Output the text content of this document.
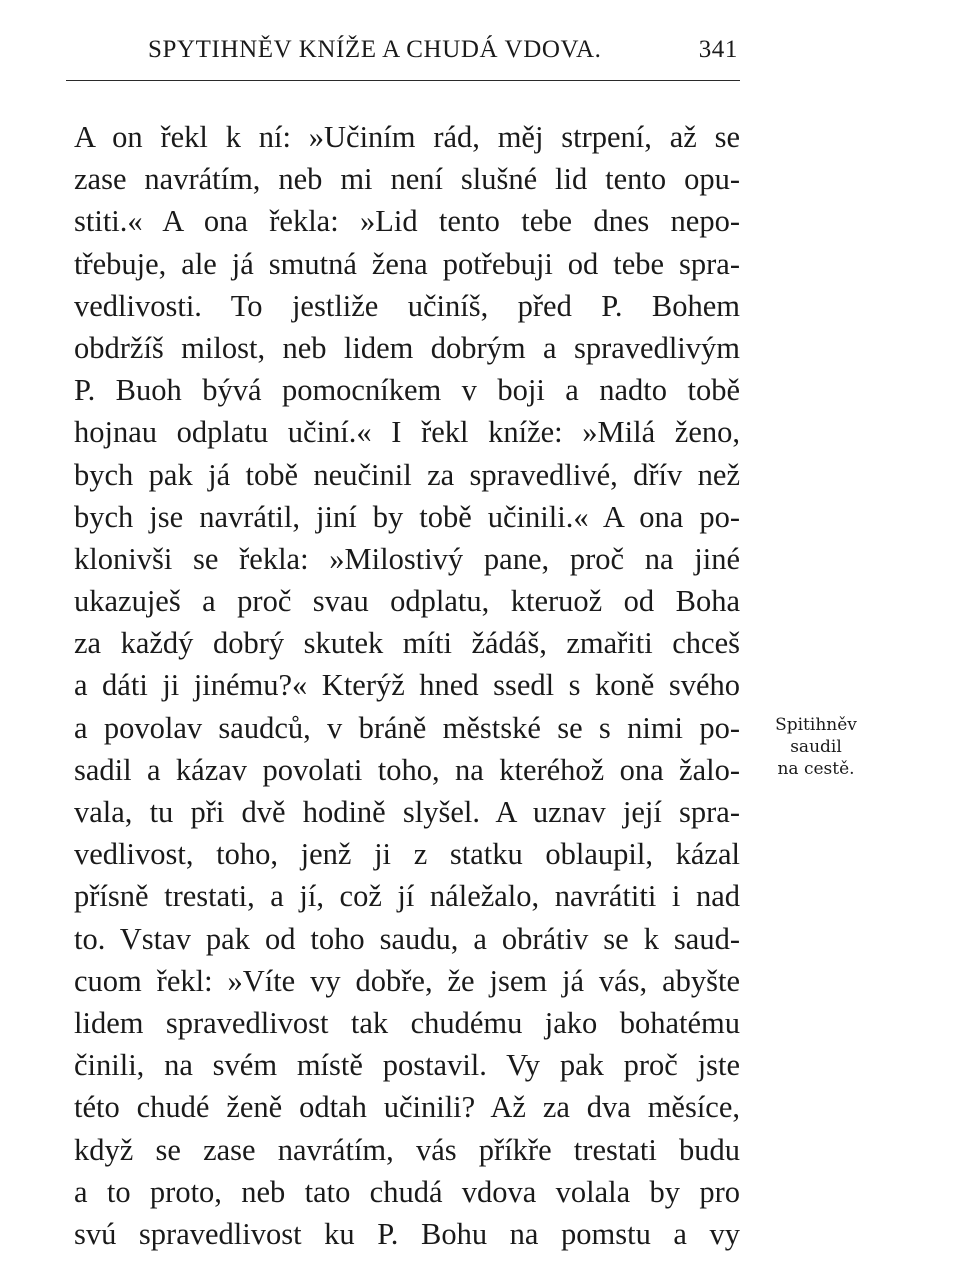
SPYTIHNĚV KNÍŽE A CHUDÁ VDOVA.	341
A on řekl k ní: »Učiním rád, měj strpení, až se
zase navrátím, neb mi není slušné lid tento opu-
stiti.« A ona řekla: »Lid tento tebe dnes nepo-
třebuje, ale já smutná žena potřebuji od tebe spra-
vedlivosti. To jestliže učiníš, před P. Bohem
obdržíš milost, neb lidem dobrým a spravedlivým
P. Buoh bývá pomocníkem v boji a nadto tobě
hojnau odplatu učiní.« I řekl kníže: »Milá ženo,
bych pak já tobě neučinil za spravedlivé, dřív než
bych jse navrátil, jiní by tobě učinili.« A ona po-
klonivši se řekla: »Milostivý pane, proč na jiné
ukazuješ a proč svau odplatu, kteruož od Boha
za každý dobrý skutek míti žádáš, zmařiti chceš
a dáti ji jinému?« Kterýž hned ssedl s koně svého
a povolav saudců, v bráně městské se s nimi po-
sadil a kázav povolati toho, na kteréhož ona žalo-
vala, tu při dvě hodině slyšel. A uznav její spra-
vedlivost, toho, jenž ji z statku oblaupil, kázal
přísně trestati, a jí, což jí náležalo, navrátiti i nad
to. Vstav pak od toho saudu, a obrátiv se k saud-
cuom řekl: »Víte vy dobře, že jsem já vás, abyšte
lidem spravedlivost tak chudému jako bohatému
činili, na svém místě postavil. Vy pak proč jste
této chudé ženě odtah učinili? Až za dva měsíce,
když se zase navrátím, vás příkře trestati budu
a to proto, neb tato chudá vdova volala by pro
svú spravedlivost ku P. Bohu na pomstu a vy
Spitihněv
saudil
na cestě.
